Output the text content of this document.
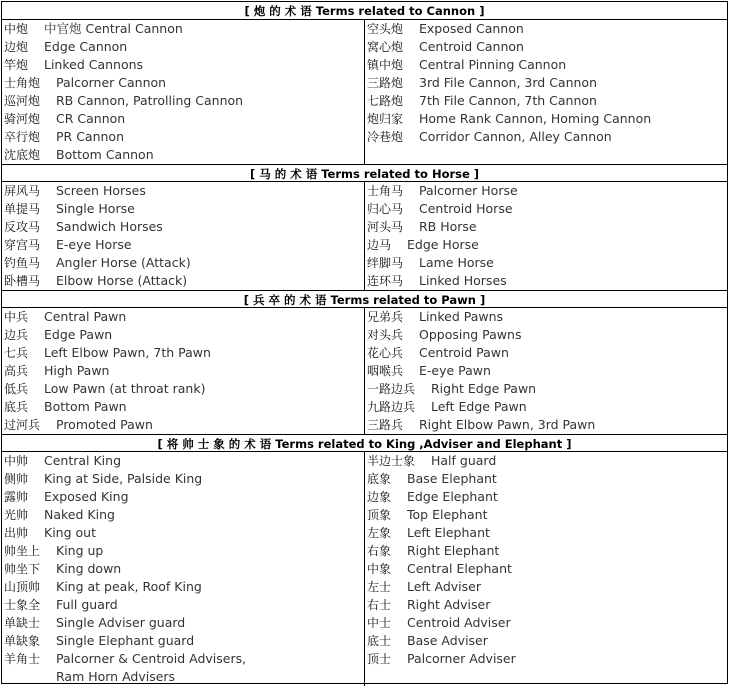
[ 炮 的 术 语 Terms related to Cannon ]
中炮 中官炮 Central Cannon
边炮 Edge Cannon
竿炮 Linked Cannons
士角炮 Palcorner Cannon
巡河炮 RB Cannon, Patrolling Cannon
骑河炮 CR Cannon
卒行炮 PR Cannon
沈底炮 Bottom Cannon
空头炮 Exposed Cannon
窝心炮 Centroid Cannon
镇中炮 Central Pinning Cannon
三路炮 3rd File Cannon, 3rd Cannon
七路炮 7th File Cannon, 7th Cannon
炮归家 Home Rank Cannon, Homing Cannon
冷巷炮 Corridor Cannon, Alley Cannon
[ 马 的 术 语 Terms related to Horse ]
屏风马 Screen Horses
单提马 Single Horse
反攻马 Sandwich Horses
穿宫马 E-eye Horse
钓鱼马 Angler Horse (Attack)
卧槽马 Elbow Horse (Attack)
士角马 Palcorner Horse
归心马 Centroid Horse
河头马 RB Horse
边马 Edge Horse
绊脚马 Lame Horse
连环马 Linked Horses
[ 兵 卒 的 术 语 Terms related to Pawn ]
中兵 Central Pawn
边兵 Edge Pawn
七兵 Left Elbow Pawn, 7th Pawn
高兵 High Pawn
低兵 Low Pawn (at throat rank)
底兵 Bottom Pawn
过河兵 Promoted Pawn
兄弟兵 Linked Pawns
对头兵 Opposing Pawns
花心兵 Centroid Pawn
咽喉兵 E-eye Pawn
一路边兵 Right Edge Pawn
九路边兵 Left Edge Pawn
三路兵 Right Elbow Pawn, 3rd Pawn
[ 将 帅 士 象 的 术 语 Terms related to King ,Adviser and Elephant ]
中帅 Central King
侧帅 King at Side, Palside King
露帅 Exposed King
光帅 Naked King
出帅 King out
帅坐上 King up
帅坐下 King down
山顶帅 King at peak, Roof King
士象全 Full guard
单缺士 Single Adviser guard
单缺象 Single Elephant guard
羊角士 Palcorner & Centroid Advisers,
Ram Horn Advisers
半边士象 Half guard
底象 Base Elephant
边象 Edge Elephant
顶象 Top Elephant
左象 Left Elephant
右象 Right Elephant
中象 Central Elephant
左士 Left Adviser
右士 Right Adviser
中士 Centroid Adviser
底士 Base Adviser
顶士 Palcorner Adviser
